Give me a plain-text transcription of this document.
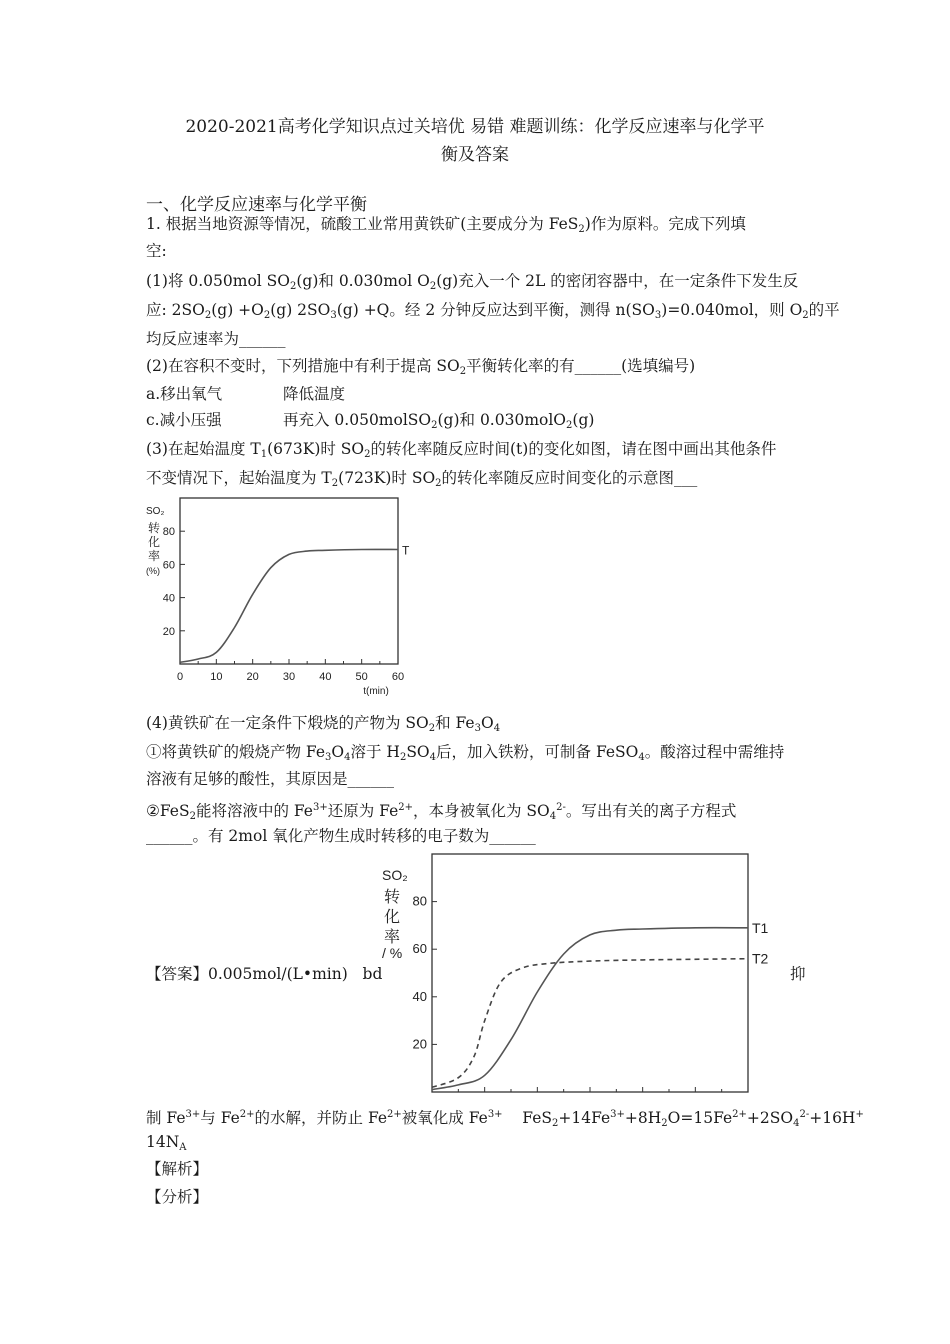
2020-2021高考化学知识点过关培优 易错 难题训练：化学反应速率与化学平
衡及答案
一、化学反应速率与化学平衡
1. 根据当地资源等情况，硫酸工业常用黄铁矿(主要成分为 FeS$_2$)作为原料。完成下列填
空:
(1)将 0.050mol $SO_2(g)$和 0.030mol $O_2(g)$充入一个 2L 的密闭容器中，在一定条件下发生反
应: $2SO_2(g) +O_2(g)$ $2SO_3(g) +Q$。经 2 分钟反应达到平衡，测得 $n(SO_3)=0.040mol$，则 $O_2$的平
均反应速率为______
(2)在容积不变时，下列措施中有利于提高 $SO_2$平衡转化率的有______(选填编号)
a.移出氧气	降低温度
c.减小压强	再充入 0.050molSO$_2$(g)和 0.030molO$_2$(g)
(3)在起始温度 $T_1(673K)$时 $SO_2$的转化率随反应时间(t)的变化如图，请在图中画出其他条件
不变情况下，起始温度为 $T_2(723K)$时 $SO_2$的转化率随反应时间变化的示意图___
20
40
60
80
0 10 20 30 40 50 60
t(min)
T
SO₂
转
化
率
(%)
(4)黄铁矿在一定条件下煅烧的产物为 $SO_2$和 $Fe_3O_4$
①将黄铁矿的煅烧产物 $Fe_3O_4$溶于 $H_2SO_4$后，加入铁粉，可制备 FeSO$_4$。酸溶过程中需维持
溶液有足够的酸性，其原因是______
②FeS$_2$能将溶液中的 $Fe^{3+}$还原为 $Fe^{2+}$，本身被氧化为 $SO_4^{2-}$。写出有关的离子方程式
______。有 2mol 氧化产物生成时转移的电子数为______
20
40
60
80
T1
T2
SO₂
转
化
率
/ %
【答案】0.005mol/(L•min) bd	抑
制 $Fe^{3+}$与 $Fe^{2+}$的水解，并防止 $Fe^{2+}$被氧化成 $Fe^{3+}$ $FeS_2+14Fe^{3+}+8H_2O=15Fe^{2+}+2SO_4^{2-}+16H^+$
$14N_A$
【解析】
【分析】
